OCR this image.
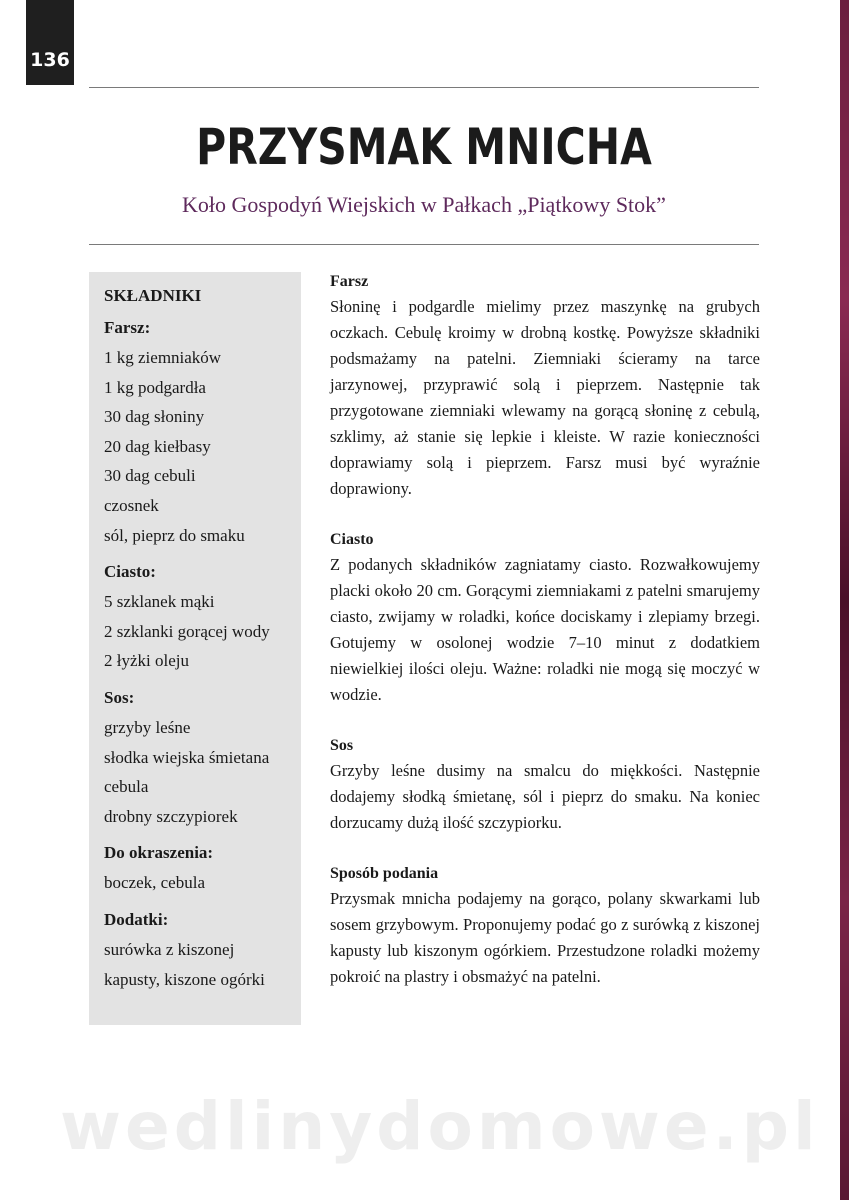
136
PRZYSMAK MNICHA
Koło Gospodyń Wiejskich w Pałkach „Piątkowy Stok”
SKŁADNIKI
Farsz:
1 kg ziemniaków
1 kg podgardła
30 dag słoniny
20 dag kiełbasy
30 dag cebuli
czosnek
sól, pieprz do smaku
Ciasto:
5 szklanek mąki
2 szklanki gorącej wody
2 łyżki oleju
Sos:
grzyby leśne
słodka wiejska śmietana
cebula
drobny szczypiorek
Do okraszenia:
boczek, cebula
Dodatki:
surówka z kiszonej
kapusty, kiszone ogórki
Farsz
Słoninę i podgardle mielimy przez maszynkę na grubych oczkach. Cebulę kroimy w drobną kostkę. Powyższe składniki podsmażamy na patelni. Ziemniaki ścieramy na tarce jarzynowej, przyprawić solą i pieprzem. Następnie tak przygotowane ziemniaki wlewamy na gorącą słoninę z cebulą, szklimy, aż stanie się lepkie i kleiste. W razie konieczności doprawiamy solą i pieprzem. Farsz musi być wyraźnie doprawiony.
Ciasto
Z podanych składników zagniatamy ciasto. Rozwałkowujemy placki około 20 cm. Gorącymi ziemniakami z patelni smarujemy ciasto, zwijamy w roladki, końce dociskamy i zlepiamy brzegi. Gotujemy w osolonej wodzie 7–10 minut z dodatkiem niewielkiej ilości oleju. Ważne: roladki nie mogą się moczyć w wodzie.
Sos
Grzyby leśne dusimy na smalcu do miękkości. Następnie dodajemy słodką śmietanę, sól i pieprz do smaku. Na koniec dorzucamy dużą ilość szczypiorku.
Sposób podania
Przysmak mnicha podajemy na gorąco, polany skwarkami lub sosem grzybowym. Proponujemy podać go z surówką z kiszonej kapusty lub kiszonym ogórkiem. Przestudzone roladki możemy pokroić na plastry i obsmażyć na patelni.
wedlinydomowe.pl
